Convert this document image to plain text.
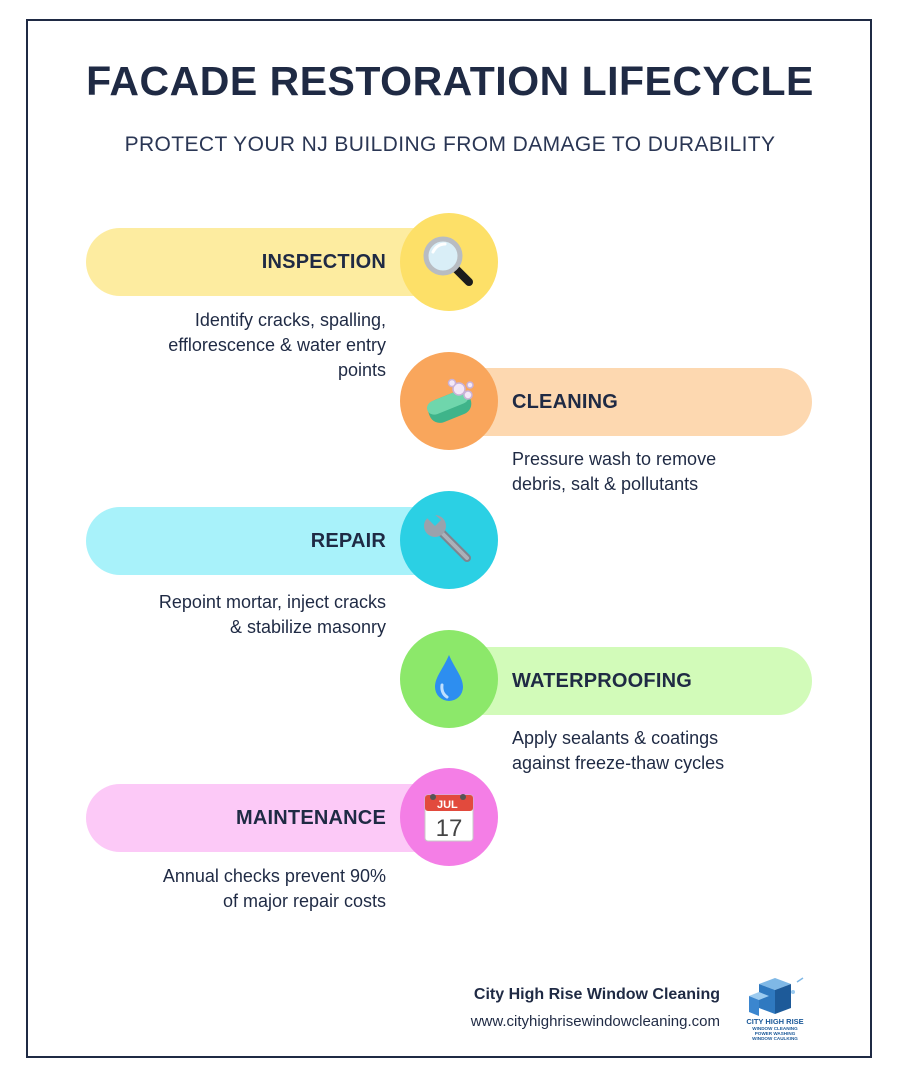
FACADE RESTORATION LIFECYCLE
PROTECT YOUR NJ BUILDING FROM DAMAGE TO DURABILITY
INSPECTION
Identify cracks, spalling,
efflorescence & water entry
points
CLEANING
Pressure wash to remove
debris, salt & pollutants
REPAIR
Repoint mortar, inject cracks
& stabilize masonry
WATERPROOFING
Apply sealants & coatings
against freeze-thaw cycles
MAINTENANCE
JUL
17
Annual checks prevent 90%
of major repair costs
City High Rise Window Cleaning
www.cityhighrisewindowcleaning.com	CITY HIGH RISE
WINDOW CLEANING
POWER WASHING
WINDOW CAULKING
